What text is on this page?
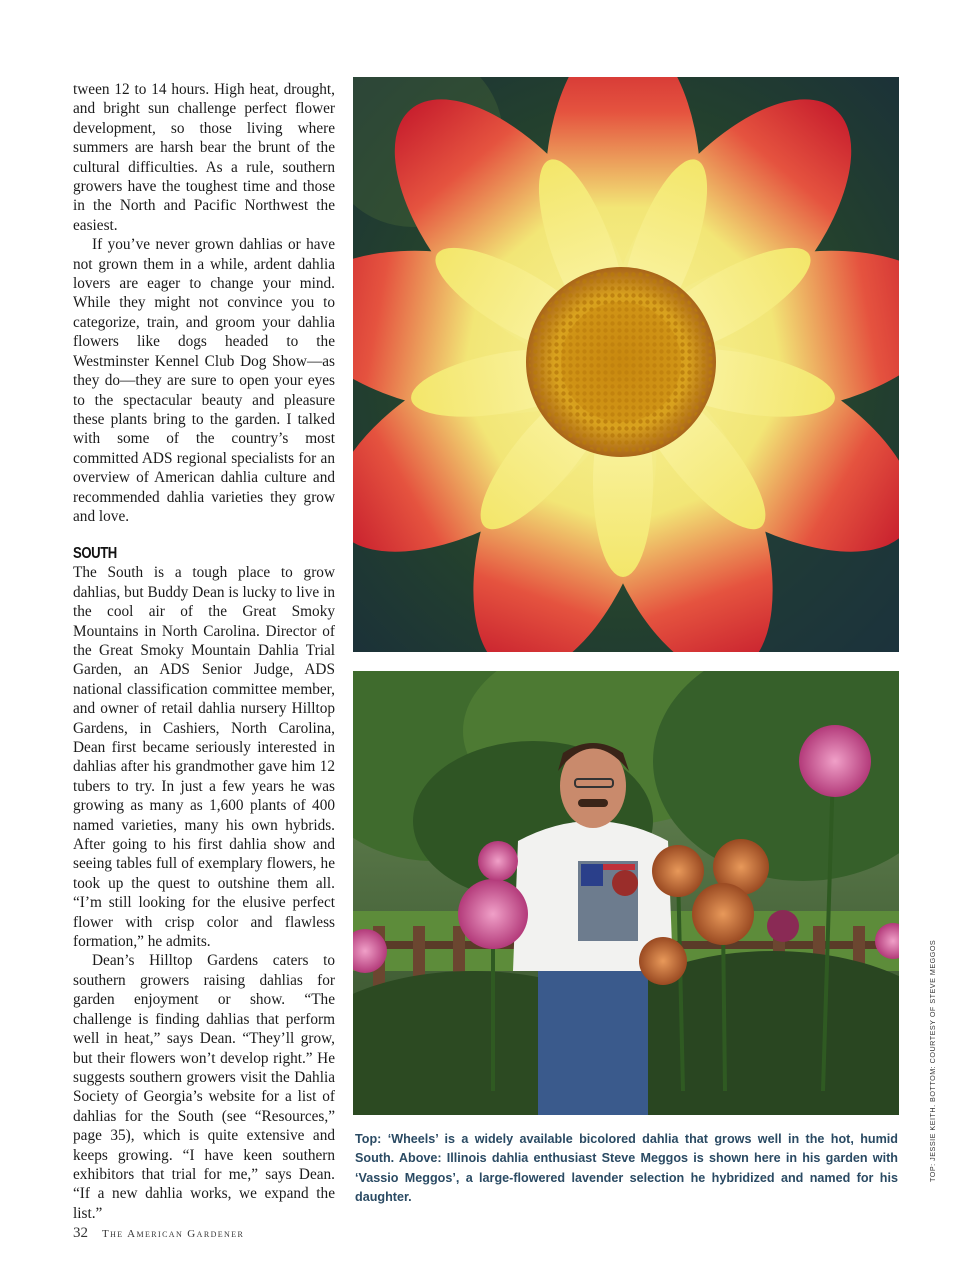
tween 12 to 14 hours. High heat, drought, and bright sun challenge perfect flower development, so those living where summers are harsh bear the brunt of the cultural difficulties. As a rule, southern growers have the toughest time and those in the North and Pacific Northwest the easiest.

If you’ve never grown dahlias or have not grown them in a while, ardent dahlia lovers are eager to change your mind. While they might not convince you to categorize, train, and groom your dahlia flowers like dogs headed to the Westminster Kennel Club Dog Show—as they do—they are sure to open your eyes to the spectacular beauty and pleasure these plants bring to the garden. I talked with some of the country’s most committed ADS regional specialists for an overview of American dahlia culture and recommended dahlia varieties they grow and love.

SOUTH

The South is a tough place to grow dahlias, but Buddy Dean is lucky to live in the cool air of the Great Smoky Mountains in North Carolina. Director of the Great Smoky Mountain Dahlia Trial Garden, an ADS Senior Judge, ADS national classification committee member, and owner of retail dahlia nursery Hilltop Gardens, in Cashiers, North Carolina, Dean first became seriously interested in dahlias after his grandmother gave him 12 tubers to try. In just a few years he was growing as many as 1,600 plants of 400 named varieties, many his own hybrids. After going to his first dahlia show and seeing tables full of exemplary flowers, he took up the quest to outshine them all. “I’m still looking for the elusive perfect flower with crisp color and flawless formation,” he admits.

Dean’s Hilltop Gardens caters to southern growers raising dahlias for garden enjoyment or show. “The challenge is finding dahlias that perform well in heat,” says Dean. “They’ll grow, but their flowers won’t develop right.” He suggests southern growers visit the Dahlia Society of Georgia’s website for a list of dahlias for the South (see “Resources,” page 35), which is quite extensive and keeps growing. “I have keen southern exhibitors that trial for me,” says Dean. “If a new dahlia works, we expand the list.”

Top: ‘Wheels’ is a widely available bicolored dahlia that grows well in the hot, humid South. Above: Illinois dahlia enthusiast Steve Meggos is shown here in his garden with ‘Vassio Meggos’, a large-flowered lavender selection he hybridized and named for his daughter.
TOP: JESSIE KEITH. BOTTOM: COURTESY OF STEVE MEGGOS
32 The American Gardener
